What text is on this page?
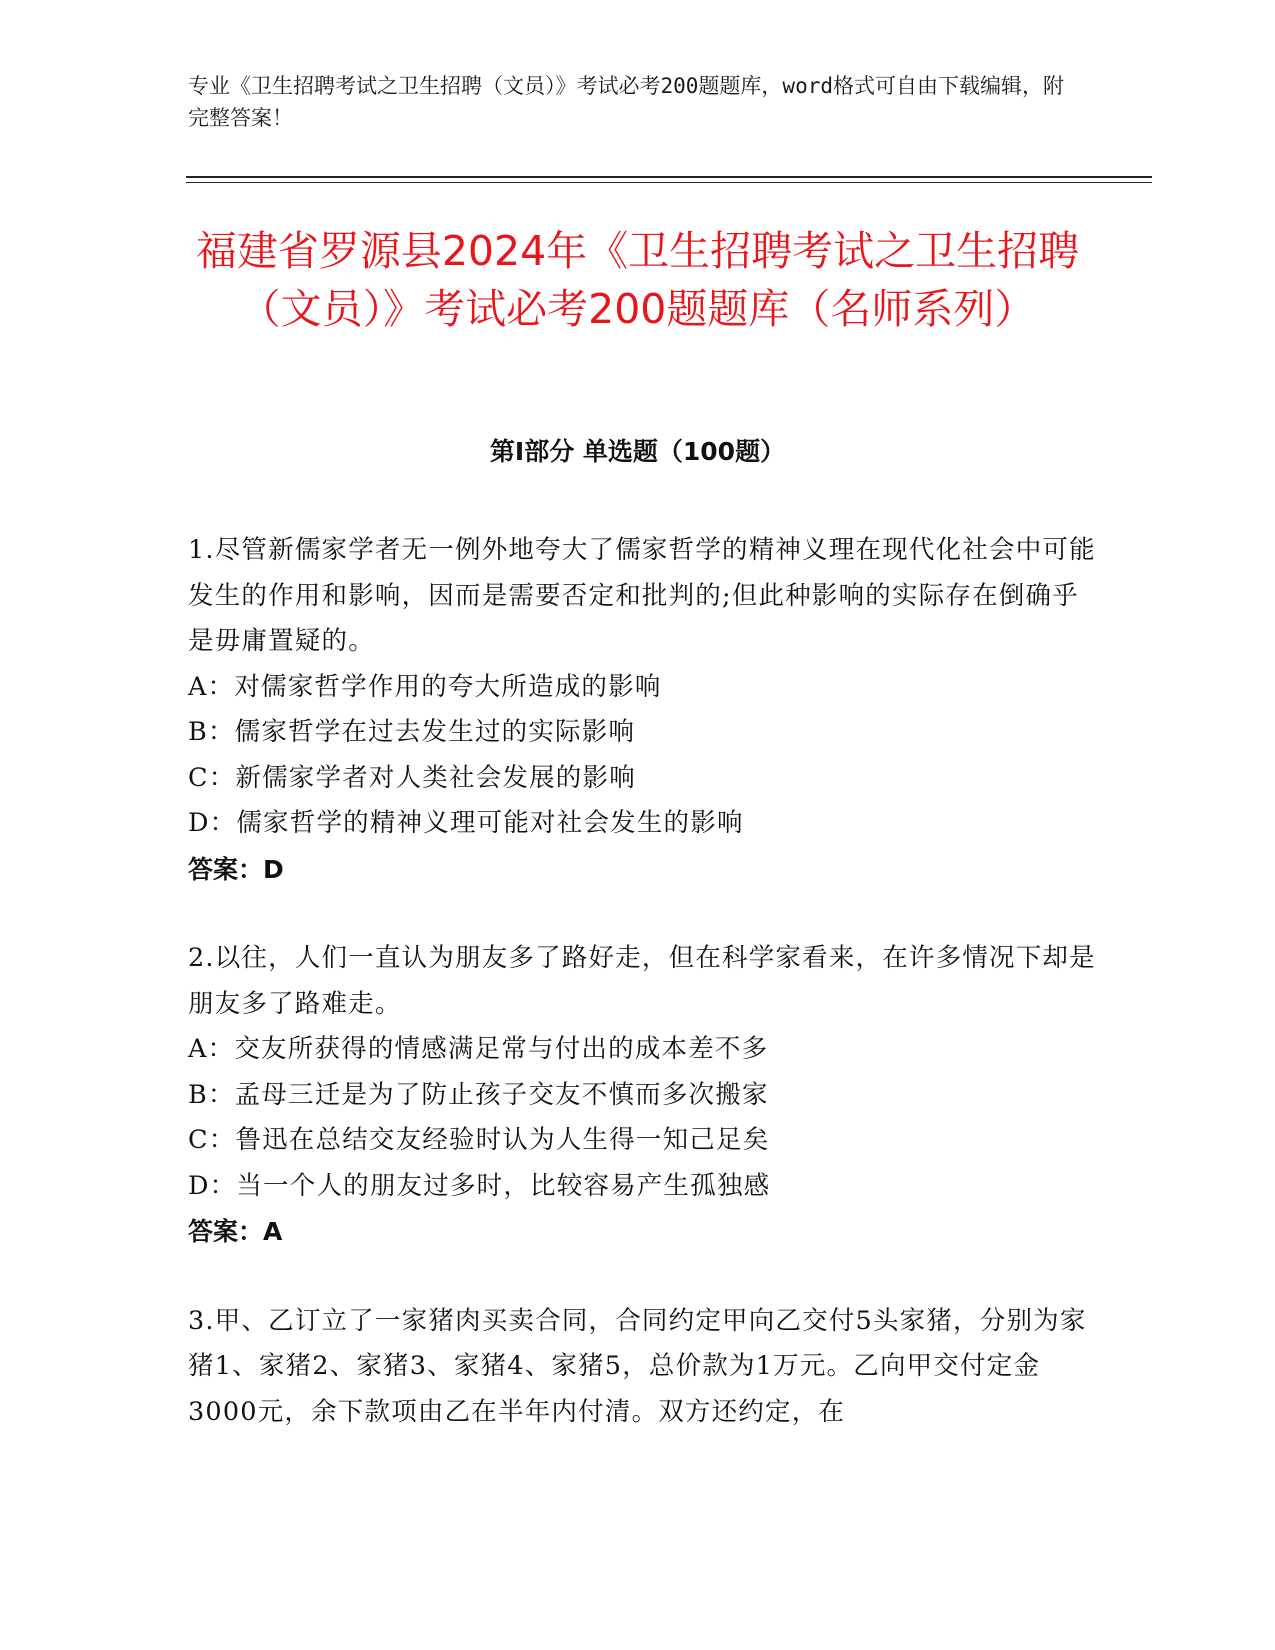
专业《卫生招聘考试之卫生招聘（文员）》考试必考200题题库，word格式可自由下载编辑，附完整答案！

福建省罗源县2024年《卫生招聘考试之卫生招聘（文员）》考试必考200题题库（名师系列）
第Ⅰ部分 单选题（100题）

1.尽管新儒家学者无一例外地夸大了儒家哲学的精神义理在现代化社会中可能发生的作用和影响，因而是需要否定和批判的;但此种影响的实际存在倒确乎是毋庸置疑的。

A：对儒家哲学作用的夸大所造成的影响

B：儒家哲学在过去发生过的实际影响

C：新儒家学者对人类社会发展的影响

D：儒家哲学的精神义理可能对社会发生的影响

答案：D

2.以往，人们一直认为朋友多了路好走，但在科学家看来，在许多情况下却是朋友多了路难走。

A：交友所获得的情感满足常与付出的成本差不多

B：孟母三迁是为了防止孩子交友不慎而多次搬家

C：鲁迅在总结交友经验时认为人生得一知己足矣

D：当一个人的朋友过多时，比较容易产生孤独感

答案：A

3.甲、乙订立了一家猪肉买卖合同，合同约定甲向乙交付5头家猪，分别为家猪1、家猪2、家猪3、家猪4、家猪5，总价款为1万元。乙向甲交付定金3000元，余下款项由乙在半年内付清。双方还约定，在
